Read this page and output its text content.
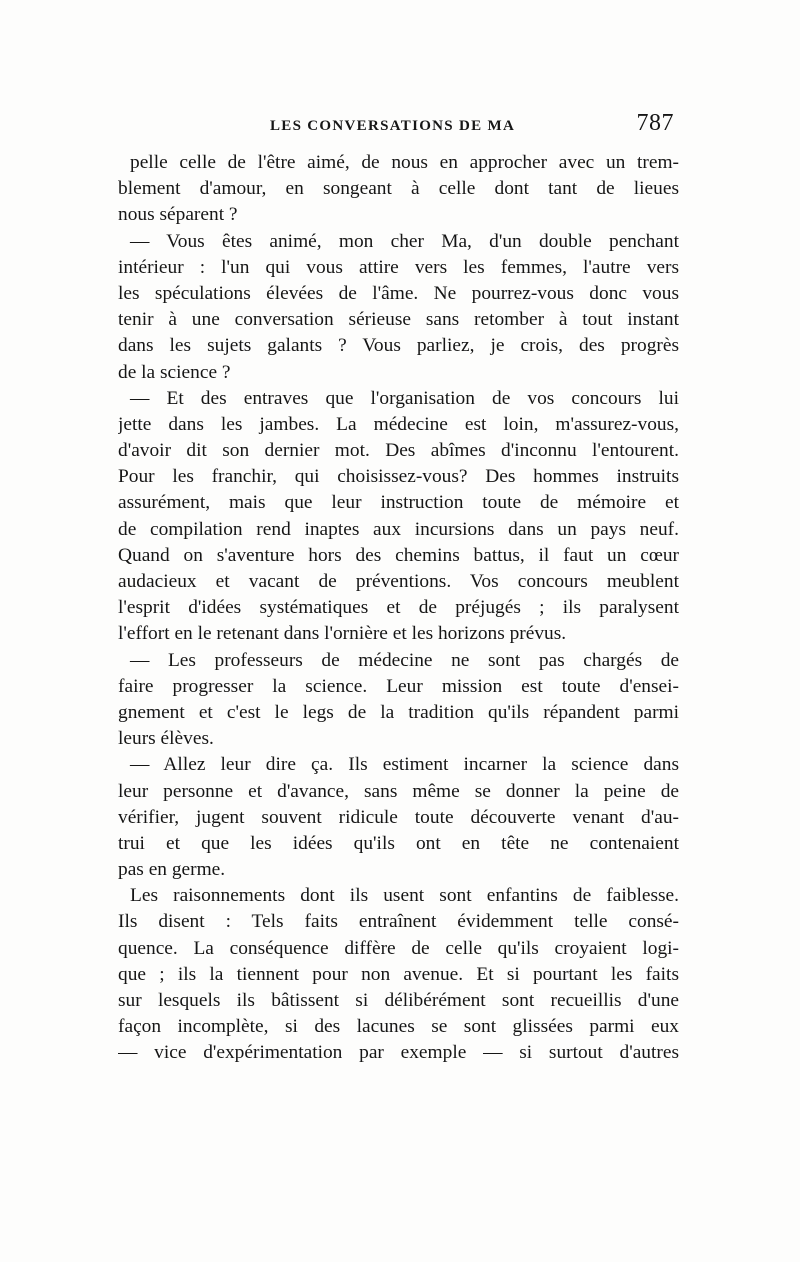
LES CONVERSATIONS DE MA	787
pelle celle de l'être aimé, de nous en approcher avec un trem-
blement d'amour, en songeant à celle dont tant de lieues
nous séparent ?
— Vous êtes animé, mon cher Ma, d'un double penchant
intérieur : l'un qui vous attire vers les femmes, l'autre vers
les spéculations élevées de l'âme. Ne pourrez-vous donc vous
tenir à une conversation sérieuse sans retomber à tout instant
dans les sujets galants ? Vous parliez, je crois, des progrès
de la science ?
— Et des entraves que l'organisation de vos concours lui
jette dans les jambes. La médecine est loin, m'assurez-vous,
d'avoir dit son dernier mot. Des abîmes d'inconnu l'entourent.
Pour les franchir, qui choisissez-vous? Des hommes instruits
assurément, mais que leur instruction toute de mémoire et
de compilation rend inaptes aux incursions dans un pays neuf.
Quand on s'aventure hors des chemins battus, il faut un cœur
audacieux et vacant de préventions. Vos concours meublent
l'esprit d'idées systématiques et de préjugés ; ils paralysent
l'effort en le retenant dans l'ornière et les horizons prévus.
— Les professeurs de médecine ne sont pas chargés de
faire progresser la science. Leur mission est toute d'ensei-
gnement et c'est le legs de la tradition qu'ils répandent parmi
leurs élèves.
— Allez leur dire ça. Ils estiment incarner la science dans
leur personne et d'avance, sans même se donner la peine de
vérifier, jugent souvent ridicule toute découverte venant d'au-
trui et que les idées qu'ils ont en tête ne contenaient
pas en germe.
Les raisonnements dont ils usent sont enfantins de faiblesse.
Ils disent : Tels faits entraînent évidemment telle consé-
quence. La conséquence diffère de celle qu'ils croyaient logi-
que ; ils la tiennent pour non avenue. Et si pourtant les faits
sur lesquels ils bâtissent si délibérément sont recueillis d'une
façon incomplète, si des lacunes se sont glissées parmi eux
— vice d'expérimentation par exemple — si surtout d'autres
